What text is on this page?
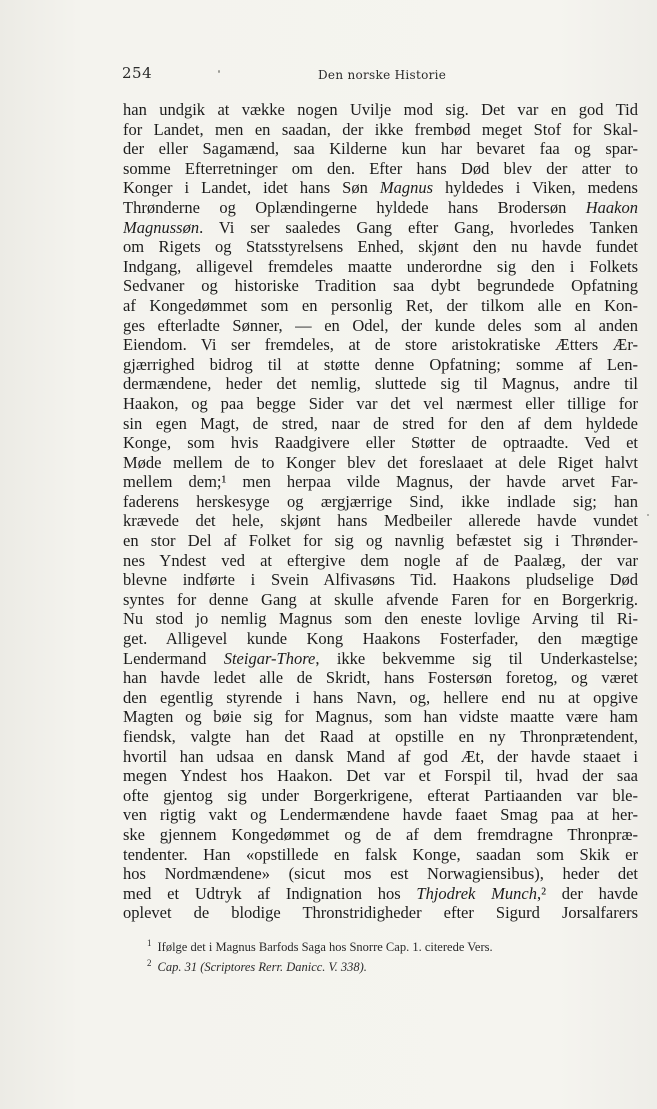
254	Den norske Historie
han undgik at vække nogen Uvilje mod sig. Det var en god Tid
for Landet, men en saadan, der ikke frembød meget Stof for Skal-
der eller Sagamænd, saa Kilderne kun har bevaret faa og spar-
somme Efterretninger om den. Efter hans Død blev der atter to
Konger i Landet, idet hans Søn Magnus hyldedes i Viken, medens
Thrønderne og Oplændingerne hyldede hans Brodersøn Haakon
Magnussøn. Vi ser saaledes Gang efter Gang, hvorledes Tanken
om Rigets og Statsstyrelsens Enhed, skjønt den nu havde fundet
Indgang, alligevel fremdeles maatte underordne sig den i Folkets
Sedvaner og historiske Tradition saa dybt begrundede Opfatning
af Kongedømmet som en personlig Ret, der tilkom alle en Kon-
ges efterladte Sønner, — en Odel, der kunde deles som al anden
Eiendom. Vi ser fremdeles, at de store aristokratiske Ætters Ær-
gjærrighed bidrog til at støtte denne Opfatning; somme af Len-
dermændene, heder det nemlig, sluttede sig til Magnus, andre til
Haakon, og paa begge Sider var det vel nærmest eller tillige for
sin egen Magt, de stred, naar de stred for den af dem hyldede
Konge, som hvis Raadgivere eller Støtter de optraadte. Ved et
Møde mellem de to Konger blev det foreslaaet at dele Riget halvt
mellem dem;¹ men herpaa vilde Magnus, der havde arvet Far-
faderens herskesyge og ærgjærrige Sind, ikke indlade sig; han
krævede det hele, skjønt hans Medbeiler allerede havde vundet
en stor Del af Folket for sig og navnlig befæstet sig i Thrønder-
nes Yndest ved at eftergive dem nogle af de Paalæg, der var
blevne indførte i Svein Alfivasøns Tid. Haakons pludselige Død
syntes for denne Gang at skulle afvende Faren for en Borgerkrig.
Nu stod jo nemlig Magnus som den eneste lovlige Arving til Ri-
get. Alligevel kunde Kong Haakons Fosterfader, den mægtige
Lendermand Steigar-Thore, ikke bekvemme sig til Underkastelse;
han havde ledet alle de Skridt, hans Fostersøn foretog, og været
den egentlig styrende i hans Navn, og, hellere end nu at opgive
Magten og bøie sig for Magnus, som han vidste maatte være ham
fiendsk, valgte han det Raad at opstille en ny Thronprætendent,
hvortil han udsaa en dansk Mand af god Æt, der havde staaet i
megen Yndest hos Haakon. Det var et Forspil til, hvad der saa
ofte gjentog sig under Borgerkrigene, efterat Partiaanden var ble-
ven rigtig vakt og Lendermændene havde faaet Smag paa at her-
ske gjennem Kongedømmet og de af dem fremdragne Thronpræ-
tendenter. Han «opstillede en falsk Konge, saadan som Skik er
hos Nordmændene» (sicut mos est Norwagiensibus), heder det
med et Udtryk af Indignation hos Thjodrek Munch,² der havde
oplevet de blodige Thronstridigheder efter Sigurd Jorsalfarers
$^1$ Ifølge det i Magnus Barfods Saga hos Snorre Cap. 1. citerede Vers.
$^2$ Cap. 31 (Scriptores Rerr. Danicc. V. 338).
